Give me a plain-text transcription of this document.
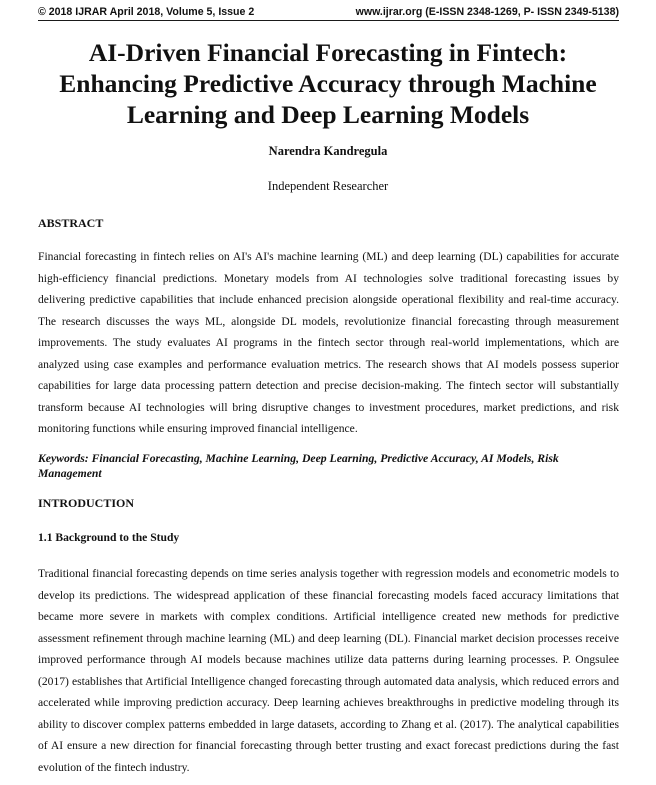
© 2018 IJRAR April 2018, Volume 5, Issue 2	www.ijrar.org (E-ISSN 2348-1269, P- ISSN 2349-5138)
AI-Driven Financial Forecasting in Fintech:
Enhancing Predictive Accuracy through Machine
Learning and Deep Learning Models
Narendra Kandregula
Independent Researcher
ABSTRACT

Financial forecasting in fintech relies on AI's AI's machine learning (ML) and deep learning (DL) capabilities for accurate high-efficiency financial predictions. Monetary models from AI technologies solve traditional forecasting issues by delivering predictive capabilities that include enhanced precision alongside operational flexibility and real-time accuracy. The research discusses the ways ML, alongside DL models, revolutionize financial forecasting through measurement improvements. The study evaluates AI programs in the fintech sector through real-world implementations, which are analyzed using case examples and performance evaluation metrics. The research shows that AI models possess superior capabilities for large data processing pattern detection and precise decision-making. The fintech sector will substantially transform because AI technologies will bring disruptive changes to investment procedures, market predictions, and risk monitoring functions while ensuring improved financial intelligence.

Keywords: Financial Forecasting, Machine Learning, Deep Learning, Predictive Accuracy, AI Models, Risk Management
INTRODUCTION
1.1 Background to the Study

Traditional financial forecasting depends on time series analysis together with regression models and econometric models to develop its predictions. The widespread application of these financial forecasting models faced accuracy limitations that became more severe in markets with complex conditions. Artificial intelligence created new methods for predictive assessment refinement through machine learning (ML) and deep learning (DL). Financial market decision processes receive improved performance through AI models because machines utilize data patterns during learning processes. P. Ongsulee (2017) establishes that Artificial Intelligence changed forecasting through automated data analysis, which reduced errors and accelerated while improving prediction accuracy. Deep learning achieves breakthroughs in predictive modeling through its ability to discover complex patterns embedded in large datasets, according to Zhang et al. (2017). The analytical capabilities of AI ensure a new direction for financial forecasting through better trusting and exact forecast predictions during the fast evolution of the fintech industry.
